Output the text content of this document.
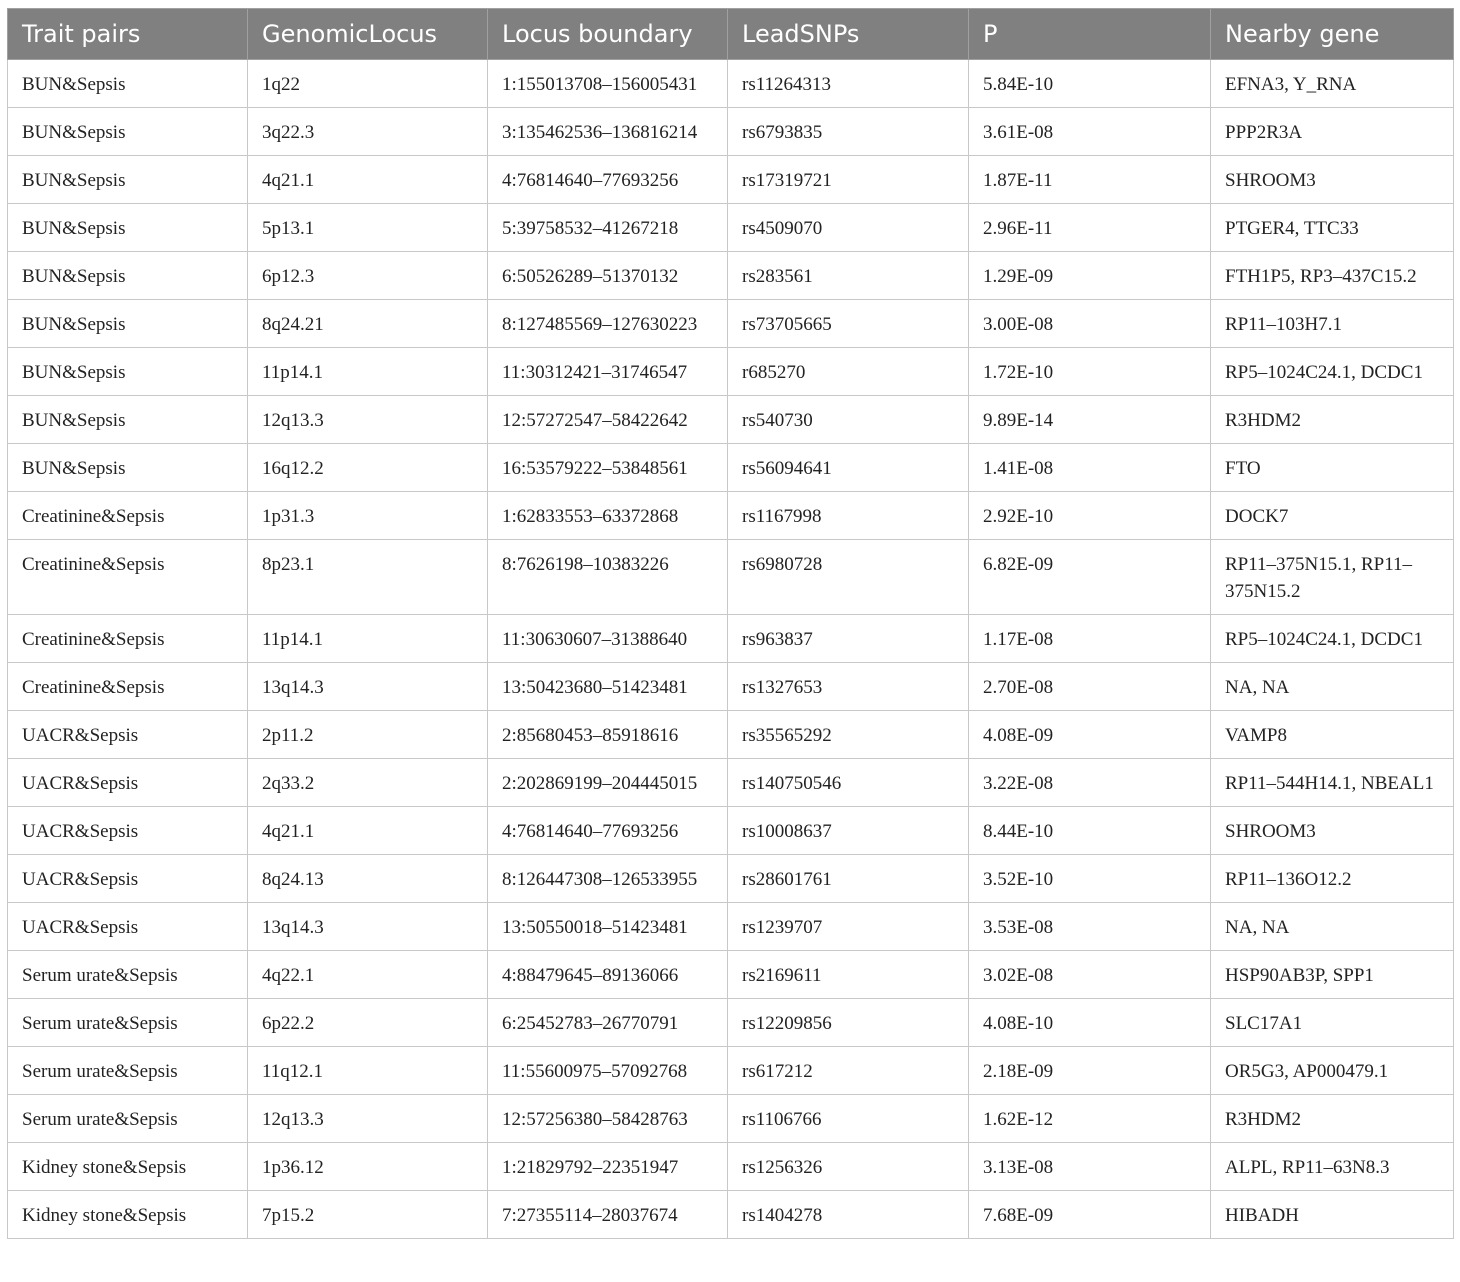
Trait pairs	GenomicLocus	Locus boundary	LeadSNPs	P	Nearby gene
BUN&Sepsis	1q22	1:155013708–156005431	rs11264313	5.84E-10	EFNA3, Y_RNA
BUN&Sepsis	3q22.3	3:135462536–136816214	rs6793835	3.61E-08	PPP2R3A
BUN&Sepsis	4q21.1	4:76814640–77693256	rs17319721	1.87E-11	SHROOM3
BUN&Sepsis	5p13.1	5:39758532–41267218	rs4509070	2.96E-11	PTGER4, TTC33
BUN&Sepsis	6p12.3	6:50526289–51370132	rs283561	1.29E-09	FTH1P5, RP3–437C15.2
BUN&Sepsis	8q24.21	8:127485569–127630223	rs73705665	3.00E-08	RP11–103H7.1
BUN&Sepsis	11p14.1	11:30312421–31746547	r685270	1.72E-10	RP5–1024C24.1, DCDC1
BUN&Sepsis	12q13.3	12:57272547–58422642	rs540730	9.89E-14	R3HDM2
BUN&Sepsis	16q12.2	16:53579222–53848561	rs56094641	1.41E-08	FTO
Creatinine&Sepsis	1p31.3	1:62833553–63372868	rs1167998	2.92E-10	DOCK7
Creatinine&Sepsis	8p23.1	8:7626198–10383226	rs6980728	6.82E-09	RP11–375N15.1, RP11–375N15.2
Creatinine&Sepsis	11p14.1	11:30630607–31388640	rs963837	1.17E-08	RP5–1024C24.1, DCDC1
Creatinine&Sepsis	13q14.3	13:50423680–51423481	rs1327653	2.70E-08	NA, NA
UACR&Sepsis	2p11.2	2:85680453–85918616	rs35565292	4.08E-09	VAMP8
UACR&Sepsis	2q33.2	2:202869199–204445015	rs140750546	3.22E-08	RP11–544H14.1, NBEAL1
UACR&Sepsis	4q21.1	4:76814640–77693256	rs10008637	8.44E-10	SHROOM3
UACR&Sepsis	8q24.13	8:126447308–126533955	rs28601761	3.52E-10	RP11–136O12.2
UACR&Sepsis	13q14.3	13:50550018–51423481	rs1239707	3.53E-08	NA, NA
Serum urate&Sepsis	4q22.1	4:88479645–89136066	rs2169611	3.02E-08	HSP90AB3P, SPP1
Serum urate&Sepsis	6p22.2	6:25452783–26770791	rs12209856	4.08E-10	SLC17A1
Serum urate&Sepsis	11q12.1	11:55600975–57092768	rs617212	2.18E-09	OR5G3, AP000479.1
Serum urate&Sepsis	12q13.3	12:57256380–58428763	rs1106766	1.62E-12	R3HDM2
Kidney stone&Sepsis	1p36.12	1:21829792–22351947	rs1256326	3.13E-08	ALPL, RP11–63N8.3
Kidney stone&Sepsis	7p15.2	7:27355114–28037674	rs1404278	7.68E-09	HIBADH
